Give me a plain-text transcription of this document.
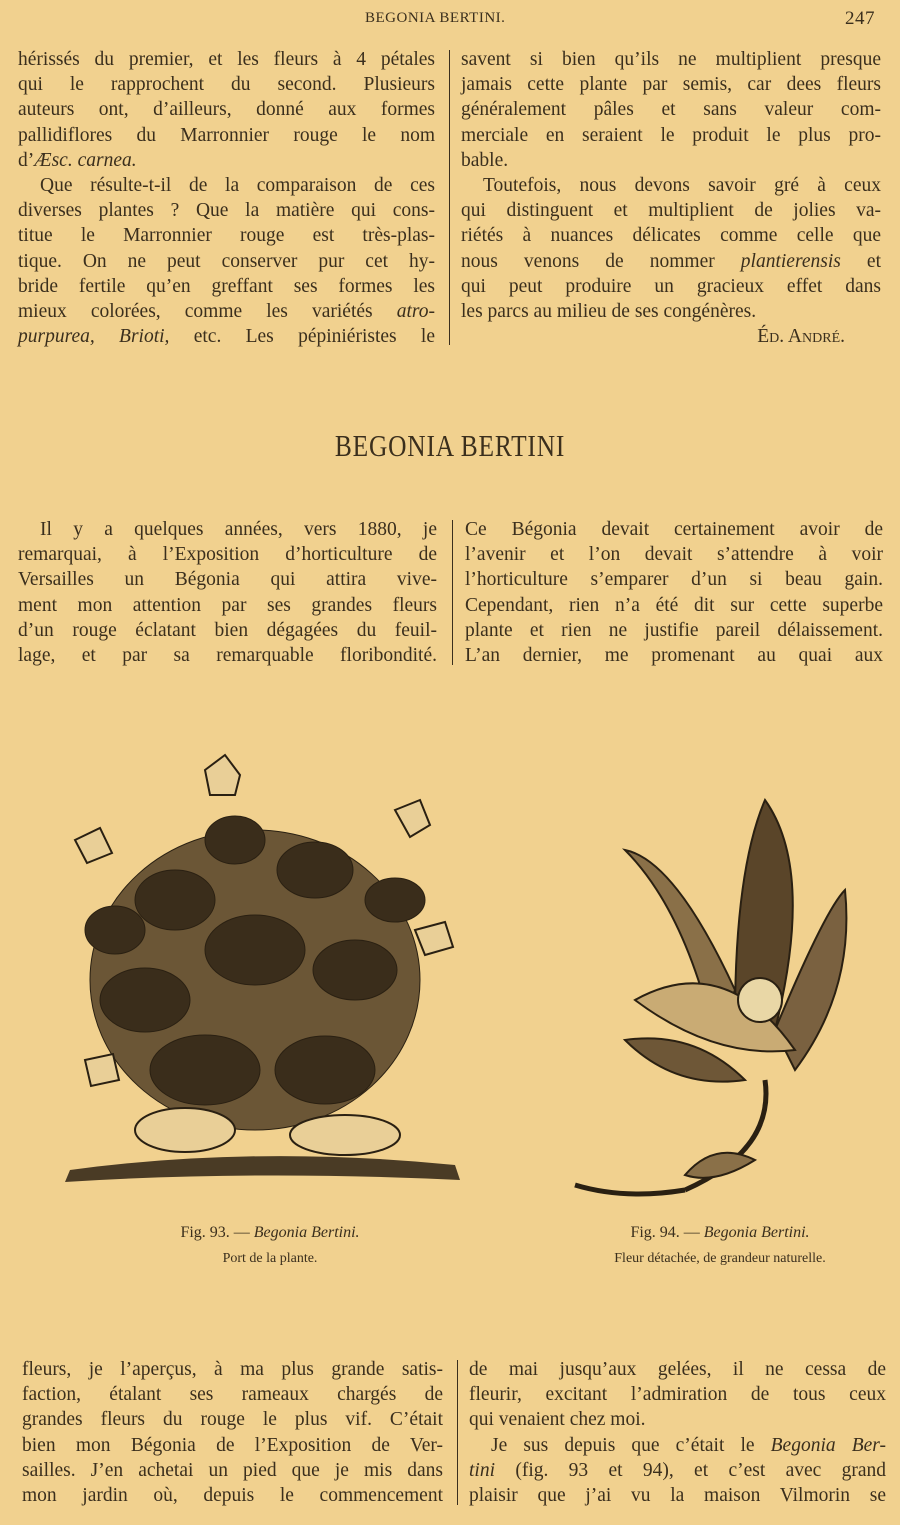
BEGONIA BERTINI.	247
hérissés du premier, et les fleurs à 4 pétales
qui le rapprochent du second. Plusieurs
auteurs ont, d’ailleurs, donné aux formes
pallidiflores du Marronnier rouge le nom
d’Æsc. carnea.
Que résulte-t-il de la comparaison de ces
diverses plantes ? Que la matière qui cons-
titue le Marronnier rouge est très-plas-
tique. On ne peut conserver pur cet hy-
bride fertile qu’en greffant ses formes les
mieux colorées, comme les variétés atro-
purpurea, Brioti, etc. Les pépiniéristes le
savent si bien qu’ils ne multiplient presque
jamais cette plante par semis, car dees fleurs
généralement pâles et sans valeur com-
merciale en seraient le produit le plus pro-
bable.
Toutefois, nous devons savoir gré à ceux
qui distinguent et multiplient de jolies va-
riétés à nuances délicates comme celle que
nous venons de nommer plantierensis et
qui peut produire un gracieux effet dans
les parcs au milieu de ses congénères.
Éd. André.
BEGONIA BERTINI
Il y a quelques années, vers 1880, je
remarquai, à l’Exposition d’horticulture de
Versailles un Bégonia qui attira vive-
ment mon attention par ses grandes fleurs
d’un rouge éclatant bien dégagées du feuil-
lage, et par sa remarquable floribondité.
Ce Bégonia devait certainement avoir de
l’avenir et l’on devait s’attendre à voir
l’horticulture s’emparer d’un si beau gain.
Cependant, rien n’a été dit sur cette superbe
plante et rien ne justifie pareil délaissement.
L’an dernier, me promenant au quai aux
Fig. 93. — Begonia Bertini.
Port de la plante.
Fig. 94. — Begonia Bertini.
Fleur détachée, de grandeur naturelle.
fleurs, je l’aperçus, à ma plus grande satis-
faction, étalant ses rameaux chargés de
grandes fleurs du rouge le plus vif. C’était
bien mon Bégonia de l’Exposition de Ver-
sailles. J’en achetai un pied que je mis dans
mon jardin où, depuis le commencement
de mai jusqu’aux gelées, il ne cessa de
fleurir, excitant l’admiration de tous ceux
qui venaient chez moi.
Je sus depuis que c’était le Begonia Ber-
tini (fig. 93 et 94), et c’est avec grand
plaisir que j’ai vu la maison Vilmorin se
